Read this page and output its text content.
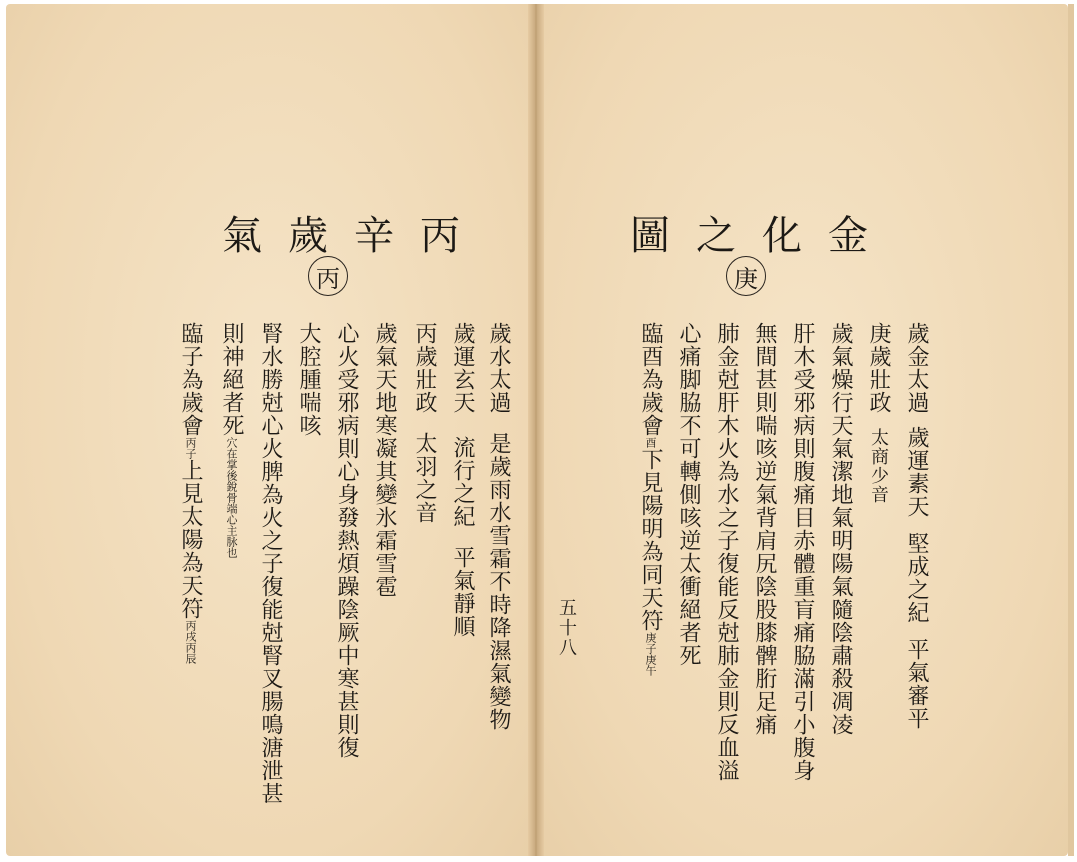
丙辛歲氣
丙
歲水太過是歲雨水雪霜不時降濕氣變物
歲運玄天流行之紀平氣靜順
丙歲壯政太羽之音
歲氣天地寒凝其變氷霜雪雹
心火受邪病則心身發熱煩躁陰厥中寒甚則復
大腔腫喘咳
腎水勝尅心火脾為火之子復能尅腎叉腸鳴溏泄甚
則神絕者死穴在掌後銳骨端心主脉也
臨子為歲會丙子上見太陽為天符丙戌丙辰
金化之圖
庚
歲金太過歲運素天堅成之紀平氣審平
庚歲壯政太商少音
歲氣燥行天氣潔地氣明陽氣隨陰肅殺凋凌
肝木受邪病則腹痛目赤體重肓痛脇滿引小腹身
無間甚則喘咳逆氣背肩尻陰股膝髀胻足痛
肺金尅肝木火為水之子復能反尅肺金則反血溢
心痛脚脇不可轉側咳逆太衝絕者死
臨酉為歲會酉下見陽明為同天符庚子庚午
五十八
